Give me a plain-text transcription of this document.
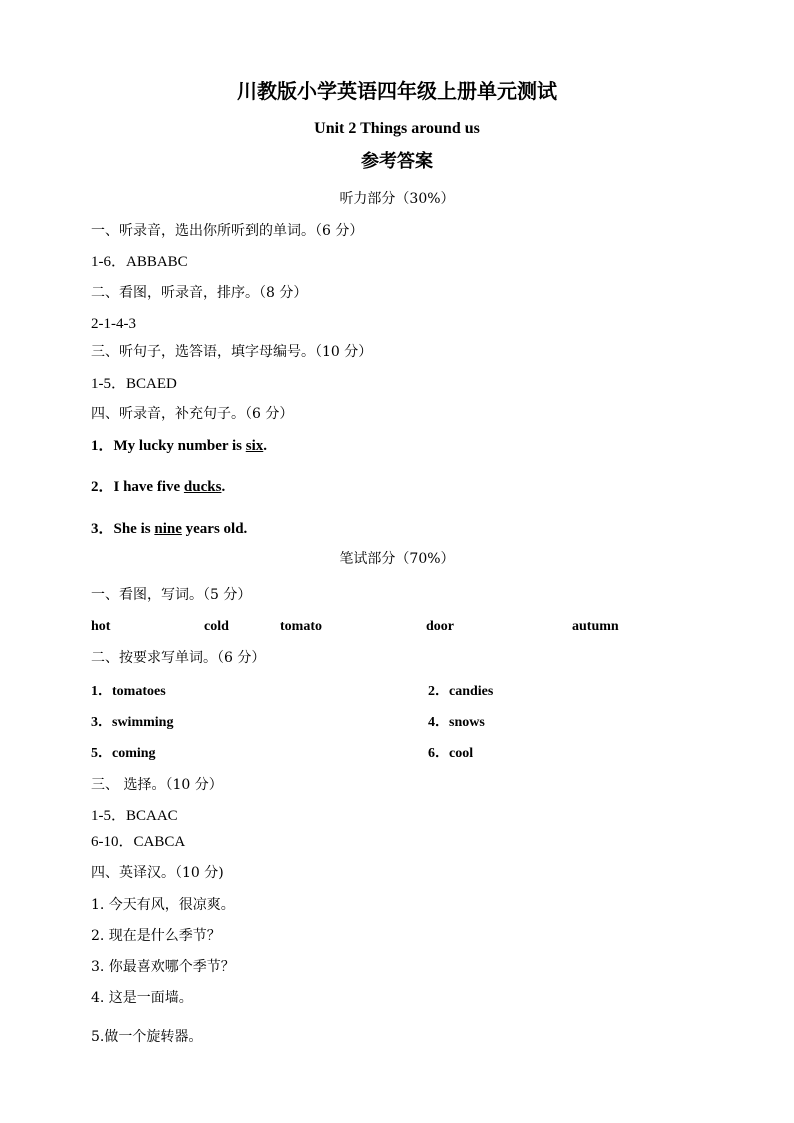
川教版小学英语四年级上册单元测试
Unit 2 Things around us
参考答案
听力部分（30%）
一、听录音，选出你所听到的单词。（6 分）
1-6．ABBABC
二、看图，听录音，排序。（8 分）
2-1-4-3
三、听句子，选答语，填字母编号。（10 分）
1-5．BCAED
四、听录音，补充句子。（6 分）
1．My lucky number is six.
2．I have five ducks.
3．She is nine years old.
笔试部分（70%）
一、看图，写词。（5 分）
hot	cold	tomato	door	autumn
二、按要求写单词。（6 分）
1．tomatoes	2．candies
3．swimming	4．snows
5．coming	6．cool
三、 选择。（10 分）
1-5．BCAAC
6-10．CABCA
四、英译汉。（10 分)
1. 今天有风，很凉爽。
2. 现在是什么季节？
3. 你最喜欢哪个季节？
4. 这是一面墙。
5.做一个旋转器。
